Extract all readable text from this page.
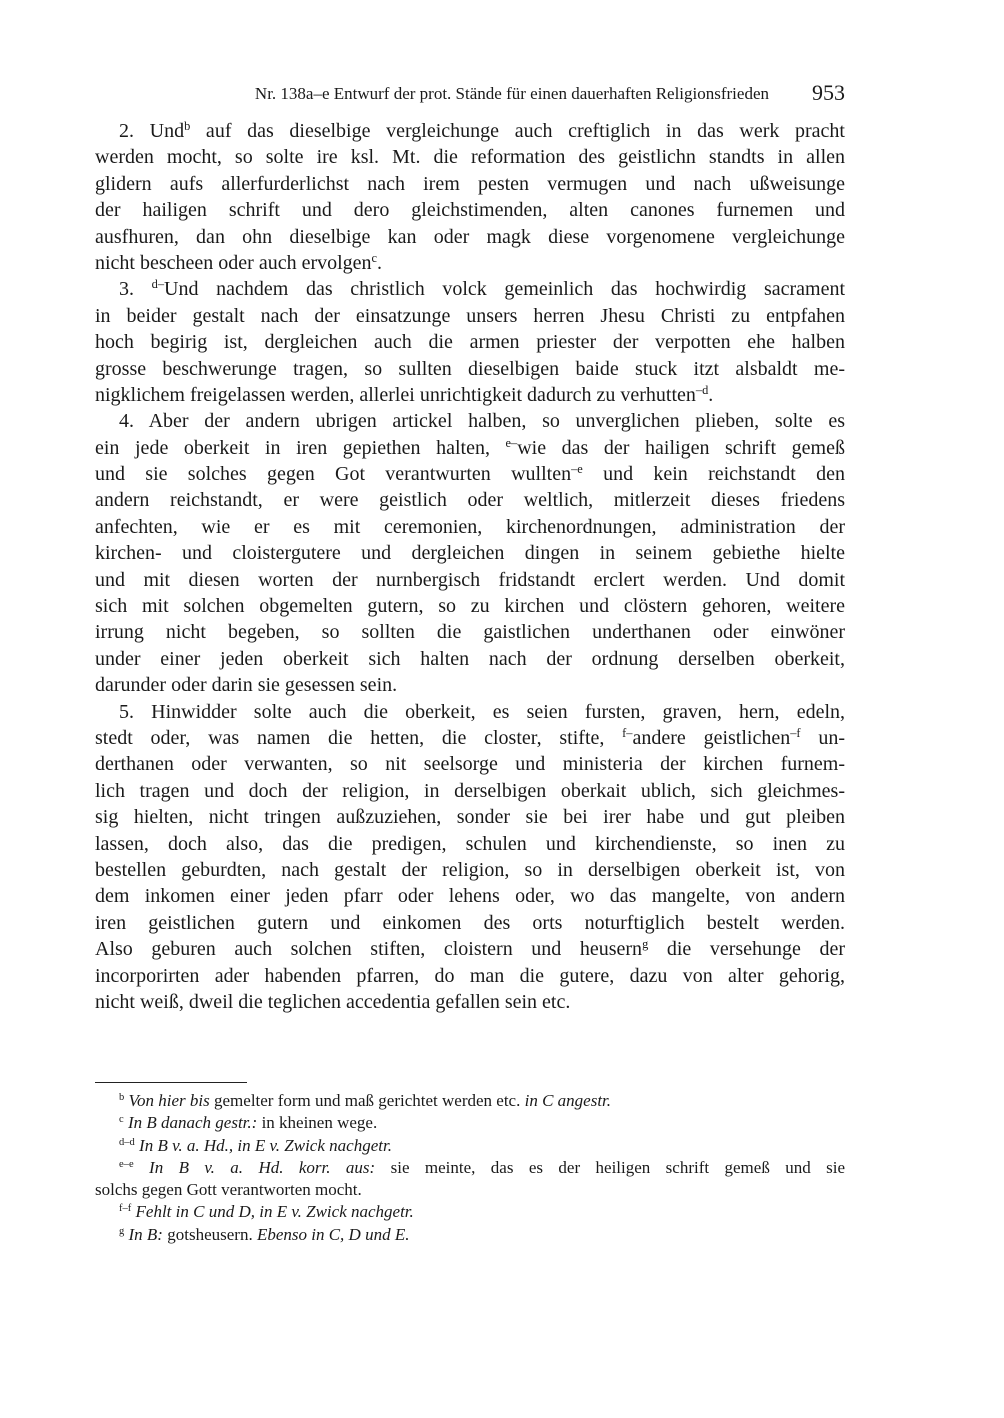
Nr. 138a–e Entwurf der prot. Stände für einen dauerhaften Religionsfrieden 953
2. Und$^b$ auf das dieselbige vergleichunge auch creftiglich in das werk pracht
werden mocht, so solte ire ksl. Mt. die reformation des geistlichn standts in allen
glidern aufs allerfurderlichst nach irem pesten vermugen und nach ußweisunge
der hailigen schrift und dero gleichstimenden, alten canones furnemen und
ausfhuren, dan ohn dieselbige kan oder magk diese vorgenomene vergleichunge
nicht bescheen oder auch ervolgen$^c$.
3. $^{d-}$Und nachdem das christlich volck gemeinlich das hochwirdig sacrament
in beider gestalt nach der einsatzunge unsers herren Jhesu Christi zu entpfahen
hoch begirig ist, dergleichen auch die armen priester der verpotten ehe halben
grosse beschwerunge tragen, so sullten dieselbigen baide stuck itzt alsbaldt me-
nigklichem freigelassen werden, allerlei unrichtigkeit dadurch zu verhutten$^{-d}$.
4. Aber der andern ubrigen artickel halben, so unverglichen plieben, solte es
ein jede oberkeit in iren gepiethen halten, $^{e-}$wie das der hailigen schrift gemeß
und sie solches gegen Got verantwurten wullten$^{-e}$ und kein reichstandt den
andern reichstandt, er were geistlich oder weltlich, mitlerzeit dieses friedens
anfechten, wie er es mit ceremonien, kirchenordnungen, administration der
kirchen- und cloistergutere und dergleichen dingen in seinem gebiethe hielte
und mit diesen worten der nurnbergisch fridstandt erclert werden. Und domit
sich mit solchen obgemelten gutern, so zu kirchen und clöstern gehoren, weitere
irrung nicht begeben, so sollten die gaistlichen underthanen oder einwöner
under einer jeden oberkeit sich halten nach der ordnung derselben oberkeit,
darunder oder darin sie gesessen sein.
5. Hinwidder solte auch die oberkeit, es seien fursten, graven, hern, edeln,
stedt oder, was namen die hetten, die closter, stifte, $^{f-}$andere geistlichen$^{-f}$ un-
derthanen oder verwanten, so nit seelsorge und ministeria der kirchen furnem-
lich tragen und doch der religion, in derselbigen oberkait ublich, sich gleichmes-
sig hielten, nicht tringen außzuziehen, sonder sie bei irer habe und gut pleiben
lassen, doch also, das die predigen, schulen und kirchendienste, so inen zu
bestellen geburdten, nach gestalt der religion, so in derselbigen oberkeit ist, von
dem inkomen einer jeden pfarr oder lehens oder, wo das mangelte, von andern
iren geistlichen gutern und einkomen des orts noturftiglich bestelt werden.
Also geburen auch solchen stiften, cloistern und heusern$^g$ die versehunge der
incorporirten ader habenden pfarren, do man die gutere, dazu von alter gehorig,
nicht weiß, dweil die teglichen accedentia gefallen sein etc.
$^b$ Von hier bis gemelter form und maß gerichtet werden etc. in C angestr.
$^c$ In B danach gestr.: in kheinen wege.
$^{d-d}$ In B v. a. Hd., in E v. Zwick nachgetr.
$^{e-e}$ In B v. a. Hd. korr. aus: sie meinte, das es der heiligen schrift gemeß und sie
solchs gegen Gott verantworten mocht.
$^{f-f}$ Fehlt in C und D, in E v. Zwick nachgetr.
$^g$ In B: gotsheusern. Ebenso in C, D und E.
